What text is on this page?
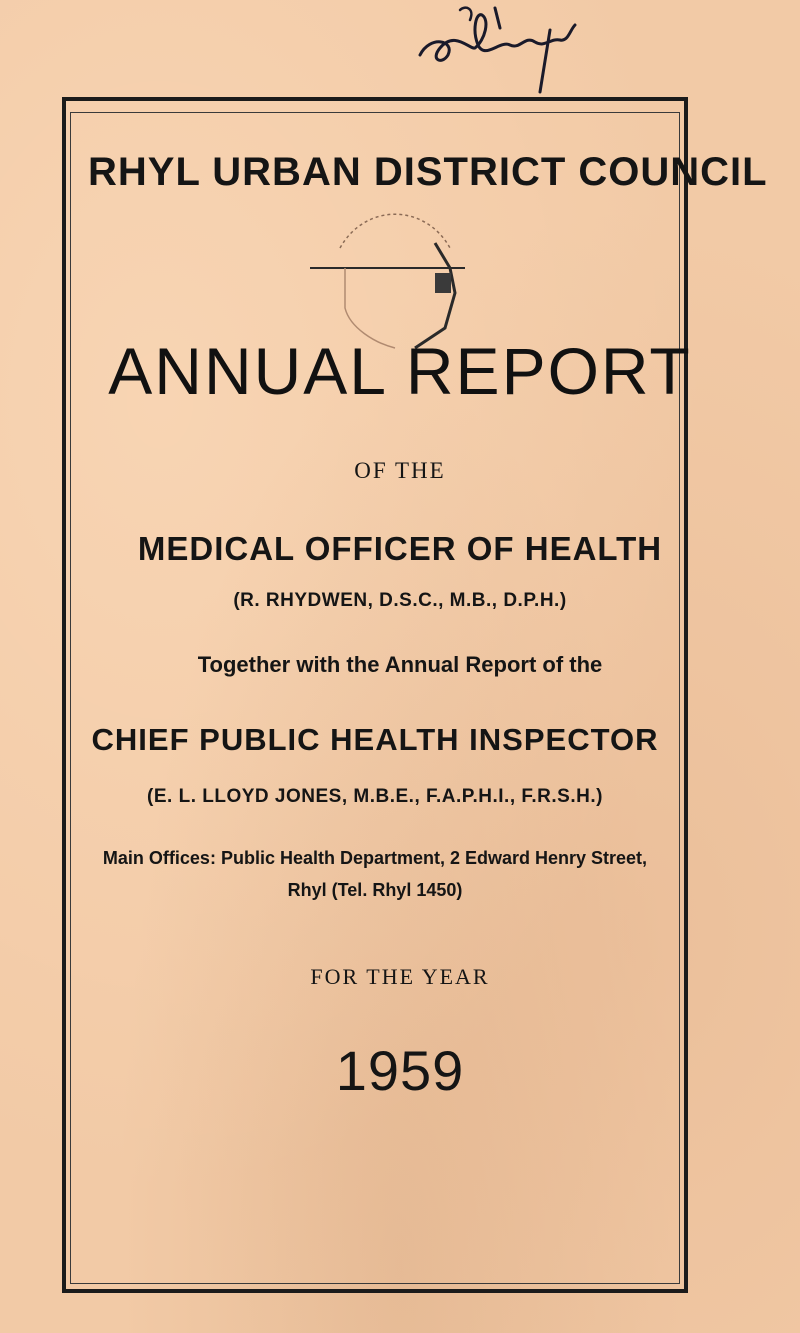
RHYL URBAN DISTRICT COUNCIL
ANNUAL REPORT
OF THE
MEDICAL OFFICER OF HEALTH
(R. RHYDWEN, D.S.C., M.B., D.P.H.)
Together with the Annual Report of the
CHIEF PUBLIC HEALTH INSPECTOR
(E. L. LLOYD JONES, M.B.E., F.A.P.H.I., F.R.S.H.)
Main Offices: Public Health Department, 2 Edward Henry Street, Rhyl (Tel. Rhyl 1450)
FOR THE YEAR
1959
